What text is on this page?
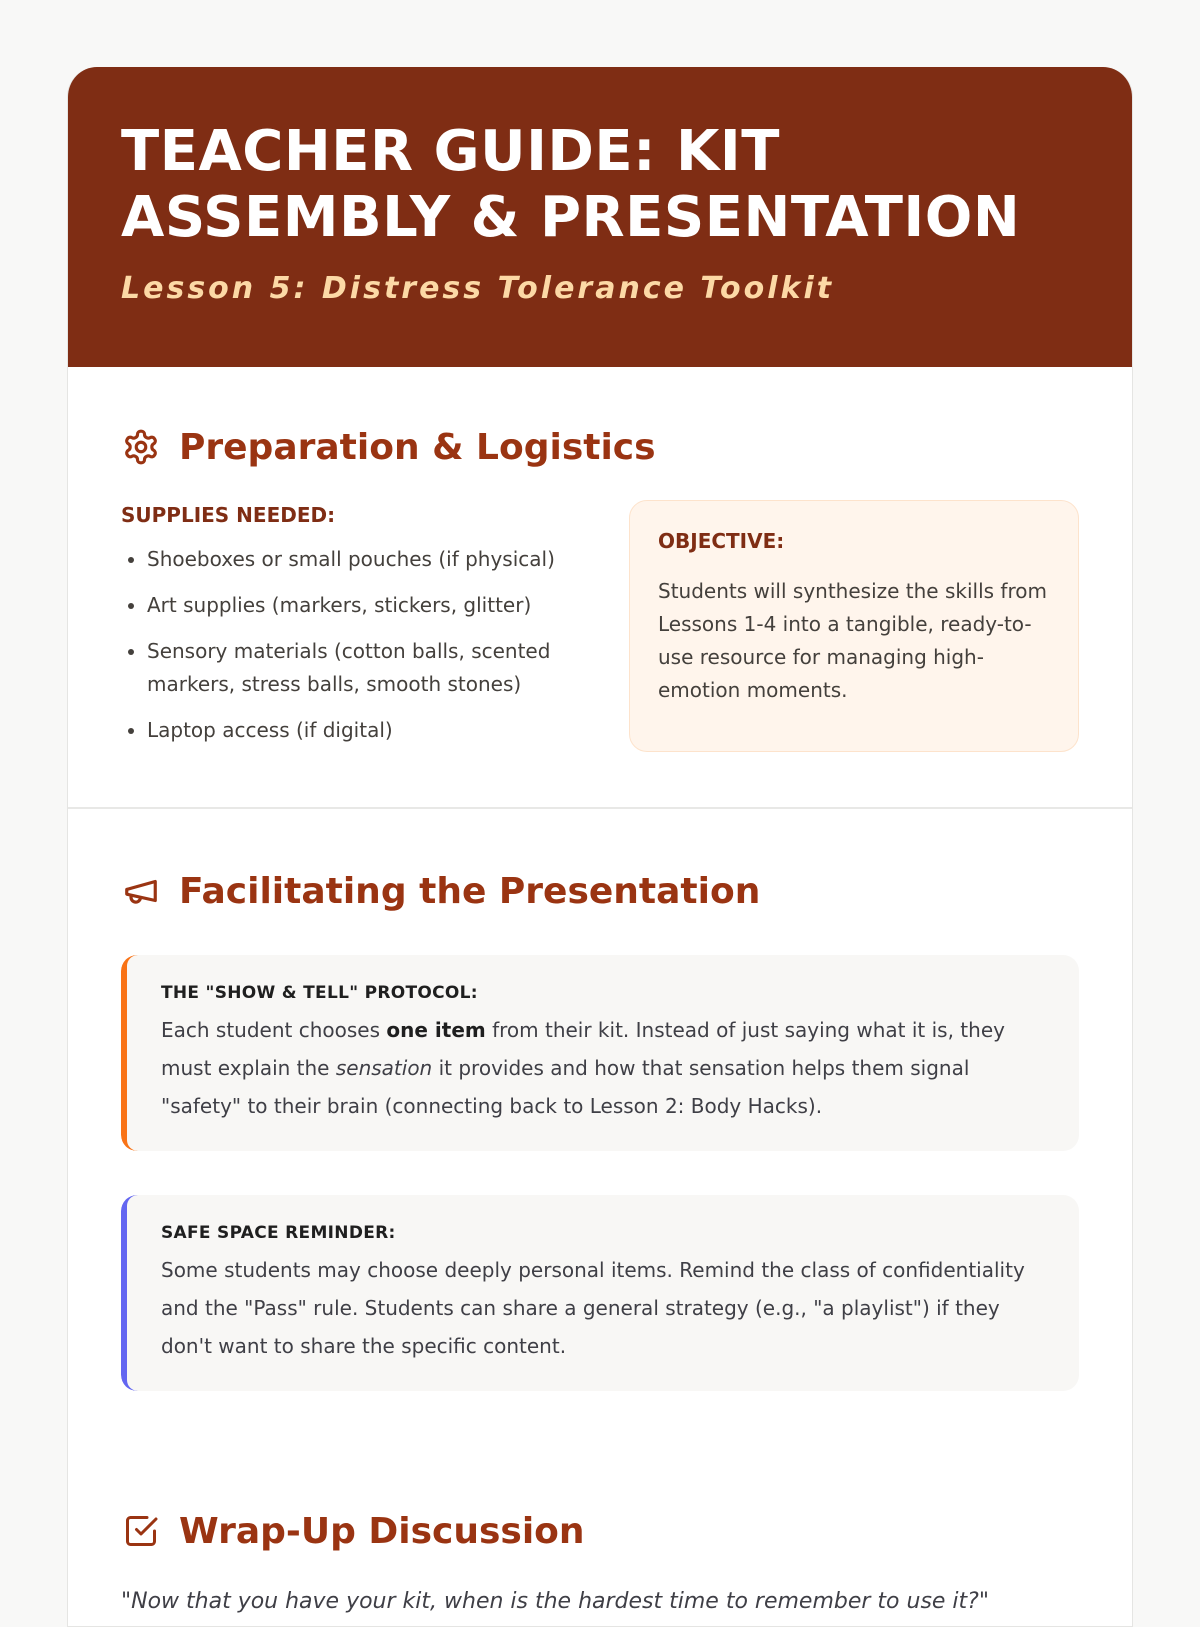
TEACHER GUIDE: KIT
ASSEMBLY & PRESENTATION
Lesson 5: Distress Tolerance Toolkit
Preparation & Logistics
SUPPLIES NEEDED:
• Shoeboxes or small pouches (if physical)
• Art supplies (markers, stickers, glitter)
• Sensory materials (cotton balls, scented markers, stress balls, smooth stones)
• Laptop access (if digital)
OBJECTIVE:

Students will synthesize the skills from Lessons 1-4 into a tangible, ready-to-use resource for managing high-emotion moments.

Facilitating the Presentation
THE "SHOW & TELL" PROTOCOL:
Each student chooses one item from their kit. Instead of just saying what it is, they must explain the sensation it provides and how that sensation helps them signal "safety" to their brain (connecting back to Lesson 2: Body Hacks).
SAFE SPACE REMINDER:
Some students may choose deeply personal items. Remind the class of confidentiality and the "Pass" rule. Students can share a general strategy (e.g., "a playlist") if they don't want to share the specific content.
Wrap-Up Discussion
"Now that you have your kit, when is the hardest time to remember to use it?"
